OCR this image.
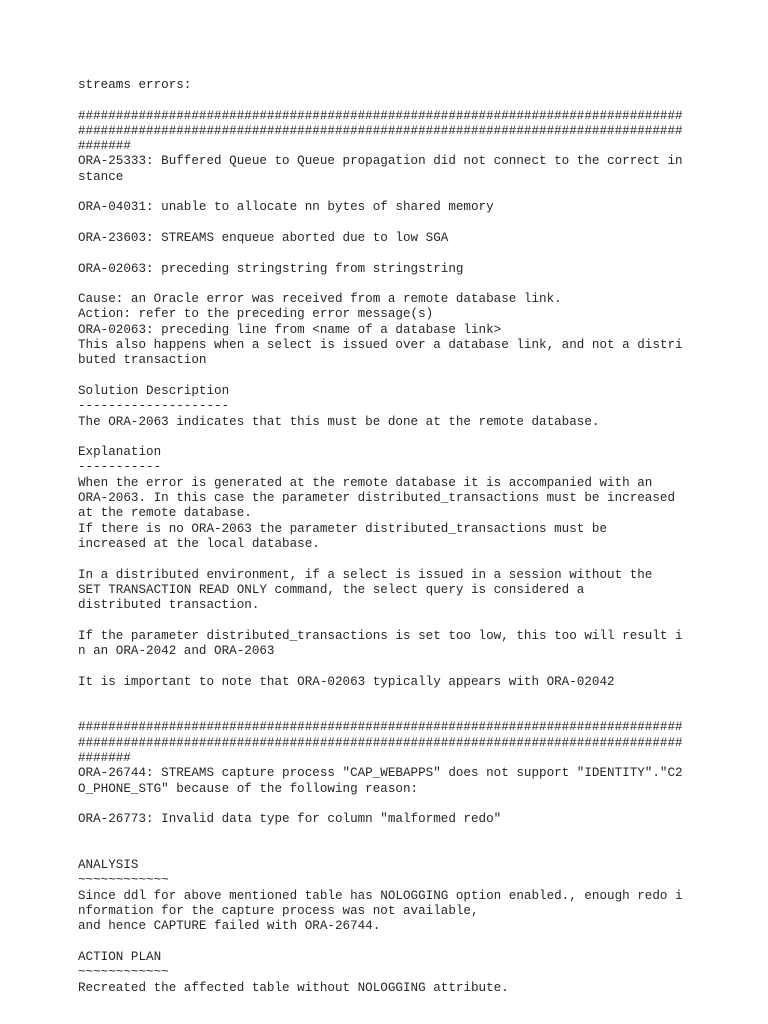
streams errors:
################################################################################
################################################################################
#######
ORA-25333: Buffered Queue to Queue propagation did not connect to the correct in
stance
ORA-04031: unable to allocate nn bytes of shared memory
ORA-23603: STREAMS enqueue aborted due to low SGA
ORA-02063: preceding stringstring from stringstring
Cause: an Oracle error was received from a remote database link.
Action: refer to the preceding error message(s)
ORA-02063: preceding line from <name of a database link>
This also happens when a select is issued over a database link, and not a distri
buted transaction
Solution Description
--------------------
The ORA-2063 indicates that this must be done at the remote database.
Explanation
-----------
When the error is generated at the remote database it is accompanied with an
ORA-2063. In this case the parameter distributed_transactions must be increased
at the remote database.
If there is no ORA-2063 the parameter distributed_transactions must be
increased at the local database.
In a distributed environment, if a select is issued in a session without the
SET TRANSACTION READ ONLY command, the select query is considered a
distributed transaction.
If the parameter distributed_transactions is set too low, this too will result i
n an ORA-2042 and ORA-2063
It is important to note that ORA-02063 typically appears with ORA-02042
################################################################################
################################################################################
#######
ORA-26744: STREAMS capture process "CAP_WEBAPPS" does not support "IDENTITY"."C2
O_PHONE_STG" because of the following reason:
ORA-26773: Invalid data type for column "malformed redo"
ANALYSIS
~~~~~~~~~~~~
Since ddl for above mentioned table has NOLOGGING option enabled., enough redo i
nformation for the capture process was not available,
and hence CAPTURE failed with ORA-26744.
ACTION PLAN
~~~~~~~~~~~~
Recreated the affected table without NOLOGGING attribute.
